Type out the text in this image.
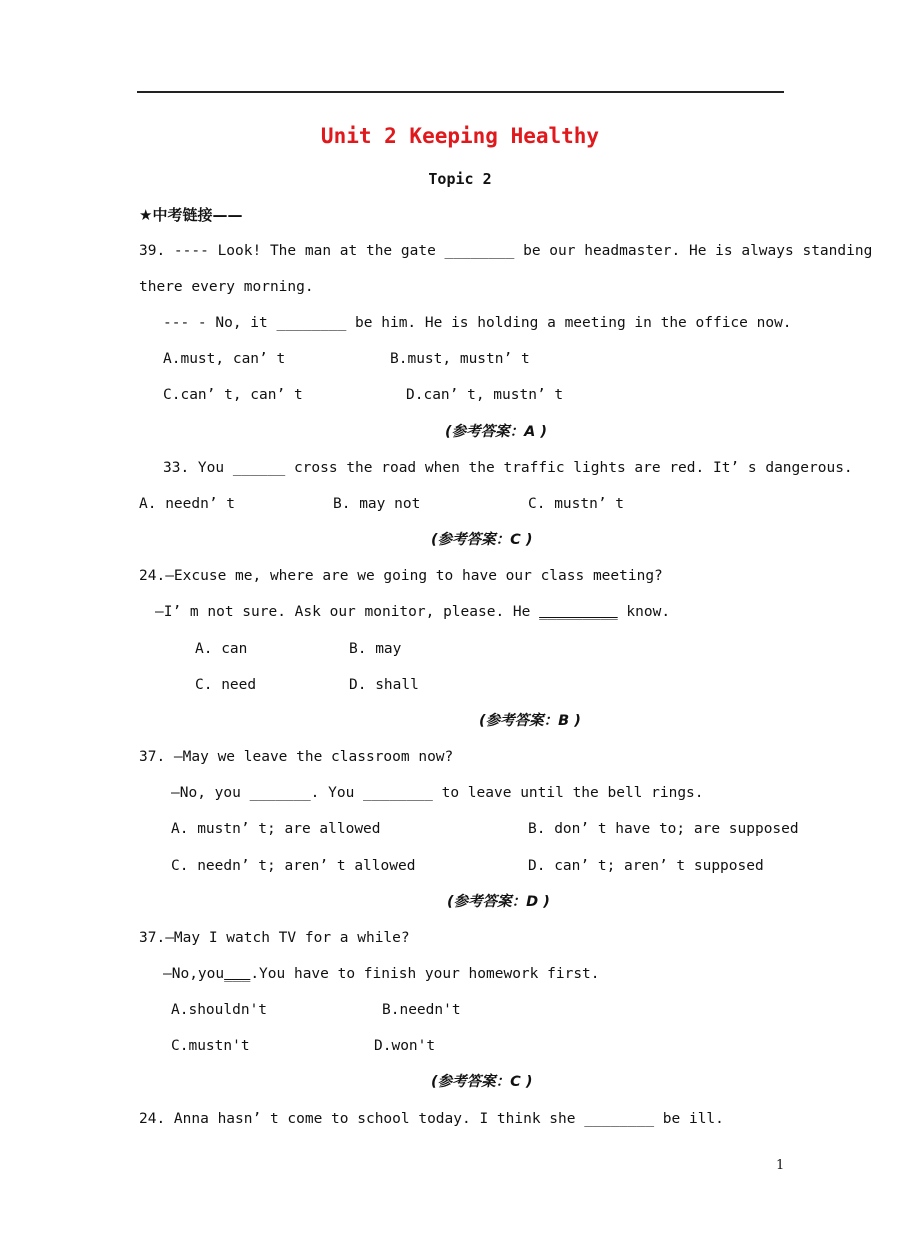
Unit 2 Keeping Healthy
Topic 2
★中考链接——
39. ---- Look! The man at the gate ________ be our headmaster. He is always standing
there every morning.
--- - No, it ________ be him. He is holding a meeting in the office now.
A.must, can’ t	B.must, mustn’ t
C.can’ t, can’ t	D.can’ t, mustn’ t
(参考答案：A )
33. You ______ cross the road when the traffic lights are red. It’ s dangerous.
A. needn’ t	B. may not	C. mustn’ t
(参考答案：C )
24.—Excuse me, where are we going to have our class meeting?
—I’ m not sure. Ask our monitor, please. He _________ know.
A. can	B. may
C. need	D. shall
(参考答案：B )
37. —May we leave the classroom now?
—No, you _______. You ________ to leave until the bell rings.
A. mustn’ t; are allowed	B. don’ t have to; are supposed
C. needn’ t; aren’ t allowed	D. can’ t; aren’ t supposed
(参考答案：D )
37.—May I watch TV for a while?
—No,you___.You have to finish your homework first.
A.shouldn't	B.needn't
C.mustn't	D.won't
(参考答案：C )
24. Anna hasn’ t come to school today. I think she ________ be ill.
1
